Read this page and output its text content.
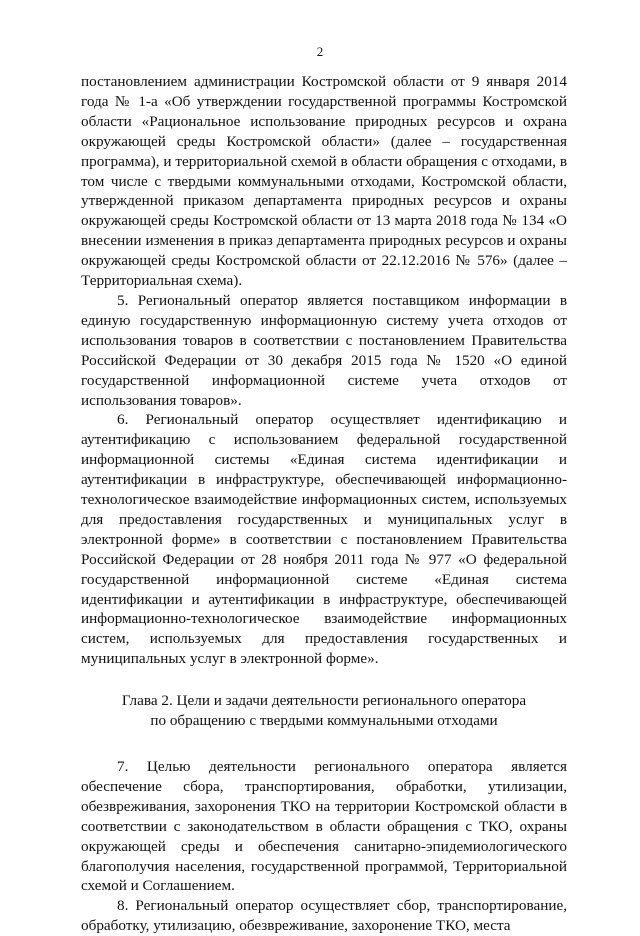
2

постановлением администрации Костромской области от 9 января 2014 года № 1-а «Об утверждении государственной программы Костромской области «Рациональное использование природных ресурсов и охрана окружающей среды Костромской области» (далее – государственная программа), и территориальной схемой в области обращения с отходами, в том числе с твердыми коммунальными отходами, Костромской области, утвержденной приказом департамента природных ресурсов и охраны окружающей среды Костромской области от 13 марта 2018 года № 134 «О внесении изменения в приказ департамента природных ресурсов и охраны окружающей среды Костромской области от 22.12.2016 № 576» (далее – Территориальная схема).

5. Региональный оператор является поставщиком информации в единую государственную информационную систему учета отходов от использования товаров в соответствии с постановлением Правительства Российской Федерации от 30 декабря 2015 года № 1520 «О единой государственной информационной системе учета отходов от использования товаров».

6. Региональный оператор осуществляет идентификацию и аутентификацию с использованием федеральной государственной информационной системы «Единая система идентификации и аутентификации в инфраструктуре, обеспечивающей информационно-технологическое взаимодействие информационных систем, используемых для предоставления государственных и муниципальных услуг в электронной форме» в соответствии с постановлением Правительства Российской Федерации от 28 ноября 2011 года № 977 «О федеральной государственной информационной системе «Единая система идентификации и аутентификации в инфраструктуре, обеспечивающей информационно-технологическое взаимодействие информационных систем, используемых для предоставления государственных и муниципальных услуг в электронной форме».

Глава 2. Цели и задачи деятельности регионального оператора
по обращению с твердыми коммунальными отходами

7. Целью деятельности регионального оператора является обеспечение сбора, транспортирования, обработки, утилизации, обезвреживания, захоронения ТКО на территории Костромской области в соответствии с законодательством в области обращения с ТКО, охраны окружающей среды и обеспечения санитарно-эпидемиологического благополучия населения, государственной программой, Территориальной схемой и Соглашением.

8. Региональный оператор осуществляет сбор, транспортирование, обработку, утилизацию, обезвреживание, захоронение ТКО, места
